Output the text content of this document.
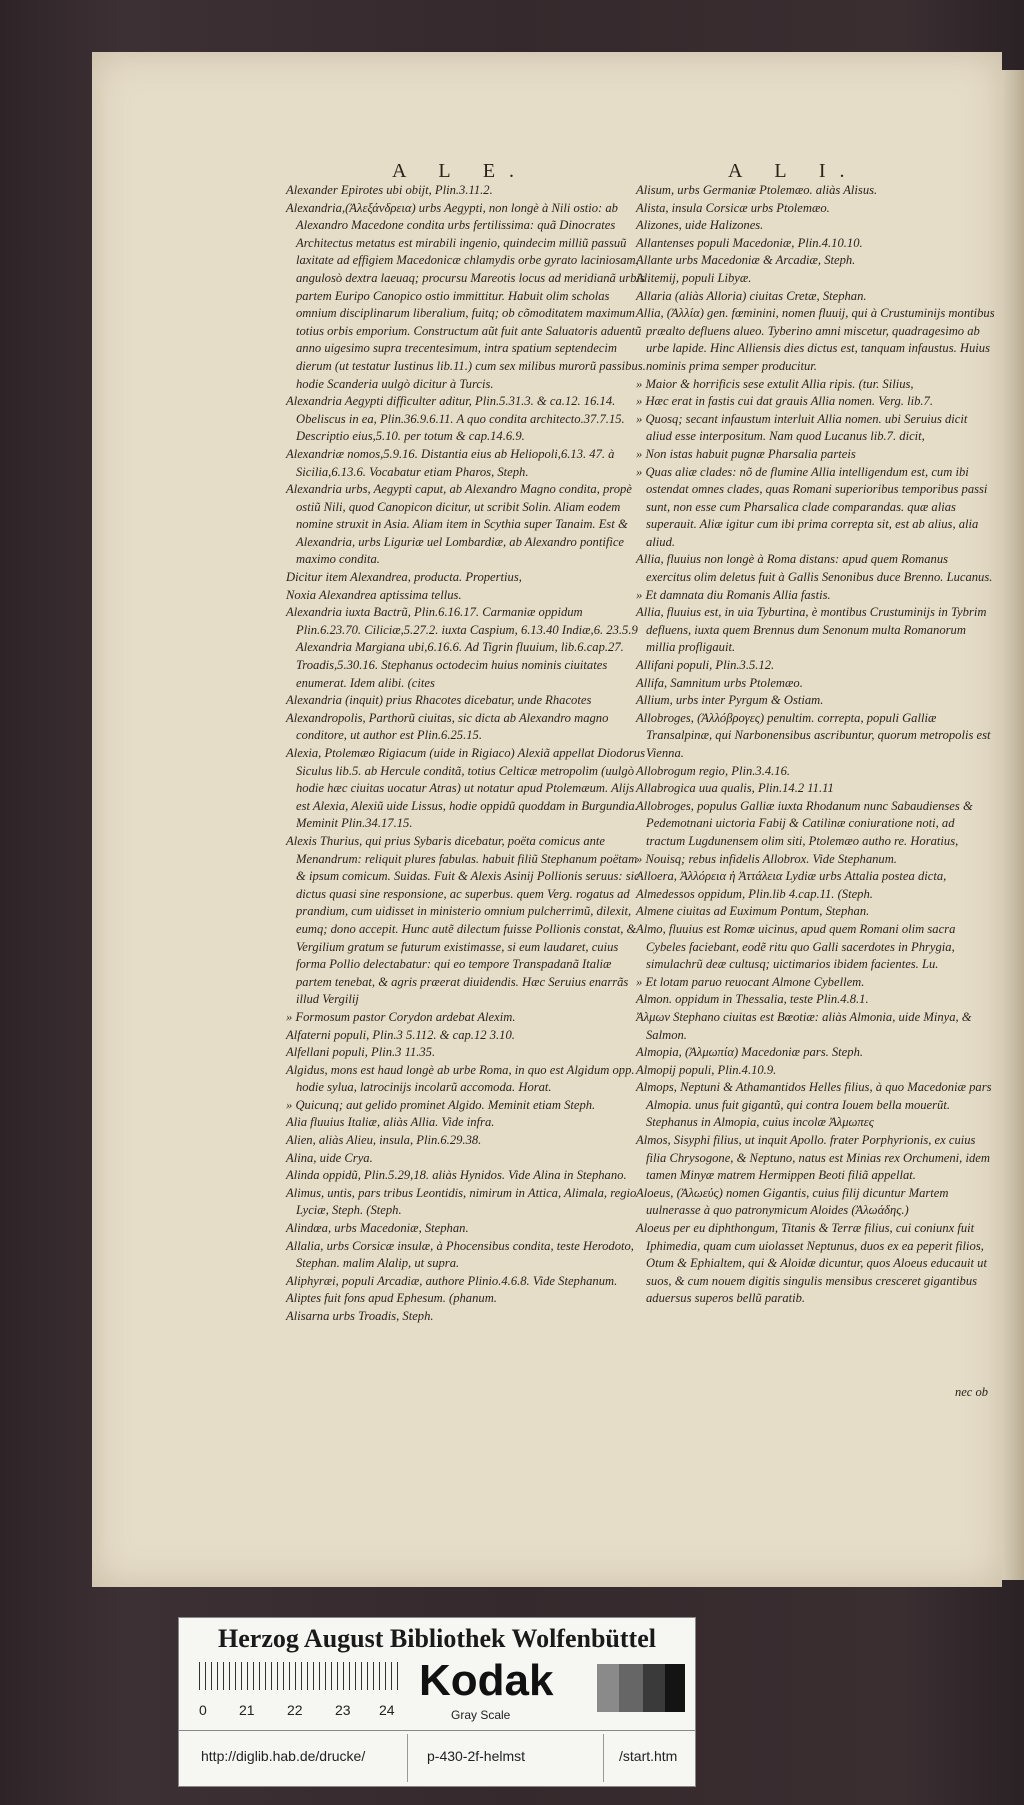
A L E.	A L I.

Alexander Epirotes ubi obijt, Plin.3.11.2.

Alexandria,(Ἀλεξάνδρεια) urbs Aegypti, non longè à Nili ostio: ab Alexandro Macedone condita urbs fertilissima: quã Dinocrates Architectus metatus est mirabili ingenio, quindecim milliũ passuũ laxitate ad effigiem Macedonicæ chlamydis orbe gyrato laciniosam, angulosò dextra laeuaq; procursu Mareotis locus ad meridianã urbis partem Euripo Canopico ostio immittitur. Habuit olim scholas omnium disciplinarum liberalium, fuitq; ob cõmoditatem maximum totius orbis emporium. Constructum aũt fuit ante Saluatoris aduentũ anno uigesimo supra trecentesimum, intra spatium septendecim dierum (ut testatur Iustinus lib.11.) cum sex milibus murorũ passibus. hodie Scanderia uulgò dicitur à Turcis.

Alexandria Aegypti difficulter aditur, Plin.5.31.3. & ca.12. 16.14. Obeliscus in ea, Plin.36.9.6.11. A quo condita architecto.37.7.15. Descriptio eius,5.10. per totum & cap.14.6.9.

Alexandriæ nomos,5.9.16. Distantia eius ab Heliopoli,6.13. 47. à Sicilia,6.13.6. Vocabatur etiam Pharos, Steph.

Alexandria urbs, Aegypti caput, ab Alexandro Magno condita, propè ostiũ Nili, quod Canopicon dicitur, ut scribit Solin. Aliam eodem nomine struxit in Asia. Aliam item in Scythia super Tanaim. Est & Alexandria, urbs Liguriæ uel Lombardiæ, ab Alexandro pontifice maximo condita.

Dicitur item Alexandrea, producta. Propertius,

Noxia Alexandrea aptissima tellus.

Alexandria iuxta Bactrũ, Plin.6.16.17. Carmaniæ oppidum Plin.6.23.70. Ciliciæ,5.27.2. iuxta Caspium, 6.13.40 Indiæ,6. 23.5.9 Alexandria Margiana ubi,6.16.6. Ad Tigrin fluuium, lib.6.cap.27. Troadis,5.30.16. Stephanus octodecim huius nominis ciuitates enumerat. Idem alibi. (cites

Alexandria (inquit) prius Rhacotes dicebatur, unde Rhacotes

Alexandropolis, Parthorũ ciuitas, sic dicta ab Alexandro magno conditore, ut author est Plin.6.25.15.

Alexia, Ptolemæo Rigiacum (uide in Rigiaco) Alexiã appellat Diodorus Siculus lib.5. ab Hercule conditã, totius Celticæ metropolim (uulgò hodie hæc ciuitas uocatur Atras) ut notatur apud Ptolemæum. Alijs est Alexia, Alexiũ uide Lissus, hodie oppidũ quoddam in Burgundia. Meminit Plin.34.17.15.

Alexis Thurius, qui prius Sybaris dicebatur, poëta comicus ante Menandrum: reliquit plures fabulas. habuit filiũ Stephanum poëtam & ipsum comicum. Suidas. Fuit & Alexis Asinij Pollionis seruus: sic dictus quasi sine responsione, ac superbus. quem Verg. rogatus ad prandium, cum uidisset in ministerio omnium pulcherrimũ, dilexit, eumq; dono accepit. Hunc autẽ dilectum fuisse Pollionis constat, & Vergilium gratum se futurum existimasse, si eum laudaret, cuius forma Pollio delectabatur: qui eo tempore Transpadanã Italiæ partem tenebat, & agris præerat diuidendis. Hæc Seruius enarrãs illud Vergilij

» Formosum pastor Corydon ardebat Alexim.

Alfaterni populi, Plin.3 5.112. & cap.12 3.10.

Alfellani populi, Plin.3 11.35.

Algidus, mons est haud longè ab urbe Roma, in quo est Algidum opp. hodie sylua, latrocinijs incolarũ accomoda. Horat.

» Quicunq; aut gelido prominet Algido. Meminit etiam Steph.

Alia fluuius Italiæ, aliàs Allia. Vide infra.

Alien, aliàs Alieu, insula, Plin.6.29.38.

Alina, uide Crya.

Alinda oppidũ, Plin.5.29,18. aliàs Hynidos. Vide Alina in Stephano.

Alimus, untis, pars tribus Leontidis, nimirum in Attica, Alimala, regio Lyciæ, Steph. (Steph.

Alindœa, urbs Macedoniæ, Stephan.

Allalia, urbs Corsicæ insulæ, à Phocensibus condita, teste Herodoto, Stephan. malim Alalip, ut supra.

Aliphyræi, populi Arcadiæ, authore Plinio.4.6.8. Vide Stephanum.

Aliptes fuit fons apud Ephesum. (phanum.

Alisarna urbs Troadis, Steph.

Alisum, urbs Germaniæ Ptolemæo. aliàs Alisus.

Alista, insula Corsicæ urbs Ptolemæo.

Alizones, uide Halizones.

Allantenses populi Macedoniæ, Plin.4.10.10.

Allante urbs Macedoniæ & Arcadiæ, Steph.

Alitemij, populi Libyæ.

Allaria (aliàs Alloria) ciuitas Cretæ, Stephan.

Allia, (Ἀλλία) gen. fœminini, nomen fluuij, qui à Crustuminijs montibus præalto defluens alueo. Tyberino amni miscetur, quadragesimo ab urbe lapide. Hinc Alliensis dies dictus est, tanquam infaustus. Huius nominis prima semper producitur.

» Maior & horrificis sese extulit Allia ripis. (tur. Silius,

» Hæc erat in fastis cui dat grauis Allia nomen. Verg. lib.7.

» Quosq; secant infaustum interluit Allia nomen. ubi Seruius dicit aliud esse interpositum. Nam quod Lucanus lib.7. dicit,

» Non istas habuit pugnæ Pharsalia parteis

» Quas aliæ clades: nõ de flumine Allia intelligendum est, cum ibi ostendat omnes clades, quas Romani superioribus temporibus passi sunt, non esse cum Pharsalica clade comparandas. quæ alias superauit. Aliæ igitur cum ibi prima correpta sit, est ab alius, alia aliud.

Allia, fluuius non longè à Roma distans: apud quem Romanus exercitus olim deletus fuit à Gallis Senonibus duce Brenno. Lucanus.

» Et damnata diu Romanis Allia fastis.

Allia, fluuius est, in uia Tyburtina, è montibus Crustuminijs in Tybrim defluens, iuxta quem Brennus dum Senonum multa Romanorum millia profligauit.

Allifani populi, Plin.3.5.12.

Allifa, Samnitum urbs Ptolemæo.

Allium, urbs inter Pyrgum & Ostiam.

Allobroges, (Ἀλλόβρογες) penultim. correpta, populi Galliæ Transalpinæ, qui Narbonensibus ascribuntur, quorum metropolis est Vienna.

Allobrogum regio, Plin.3.4.16.

Allabrogica uua qualis, Plin.14.2 11.11

Allobroges, populus Galliæ iuxta Rhodanum nunc Sabaudienses & Pedemotnani uictoria Fabij & Catilinæ coniuratione noti, ad tractum Lugdunensem olim siti, Ptolemæo autho re. Horatius,

» Nouisq; rebus infidelis Allobrox. Vide Stephanum.

Alloera, Ἀλλόρεια ἡ Ἀττάλεια Lydiæ urbs Attalia postea dicta,

Almedessos oppidum, Plin.lib 4.cap.11. (Steph.

Almene ciuitas ad Euximum Pontum, Stephan.

Almo, fluuius est Romæ uicinus, apud quem Romani olim sacra Cybeles faciebant, eodẽ ritu quo Galli sacerdotes in Phrygia, simulachrũ deæ cultusq; uictimarios ibidem facientes. Lu.

» Et lotam paruo reuocant Almone Cybellem.

Almon. oppidum in Thessalia, teste Plin.4.8.1.

Ἀλμων Stephano ciuitas est Bœotiæ: aliàs Almonia, uide Minya, & Salmon.

Almopia, (Ἀλμωπία) Macedoniæ pars. Steph.

Almopij populi, Plin.4.10.9.

Almops, Neptuni & Athamantidos Helles filius, à quo Macedoniæ pars Almopia. unus fuit gigantũ, qui contra Iouem bella mouerũt. Stephanus in Almopia, cuius incolæ Ἀλμωπες

Almos, Sisyphi filius, ut inquit Apollo. frater Porphyrionis, ex cuius filia Chrysogone, & Neptuno, natus est Minias rex Orchumeni, idem tamen Minyæ matrem Hermippen Beoti filiã appellat.

Aloeus, (Ἀλωεύς) nomen Gigantis, cuius filij dicuntur Martem uulnerasse à quo patronymicum Aloides (Ἀλωάδης.)

Aloeus per eu diphthongum, Titanis & Terræ filius, cui coniunx fuit Iphimedia, quam cum uiolasset Neptunus, duos ex ea peperit filios, Otum & Ephialtem, qui & Aloidæ dicuntur, quos Aloeus educauit ut suos, & cum nouem digitis singulis mensibus cresceret gigantibus aduersus superos bellũ paratib.

nec ob
Herzog August Bibliothek Wolfenbüttel
0 21 22 23 24
Kodak
Gray Scale
http://diglib.hab.de/drucke/	p-430-2f-helmst	/start.htm
